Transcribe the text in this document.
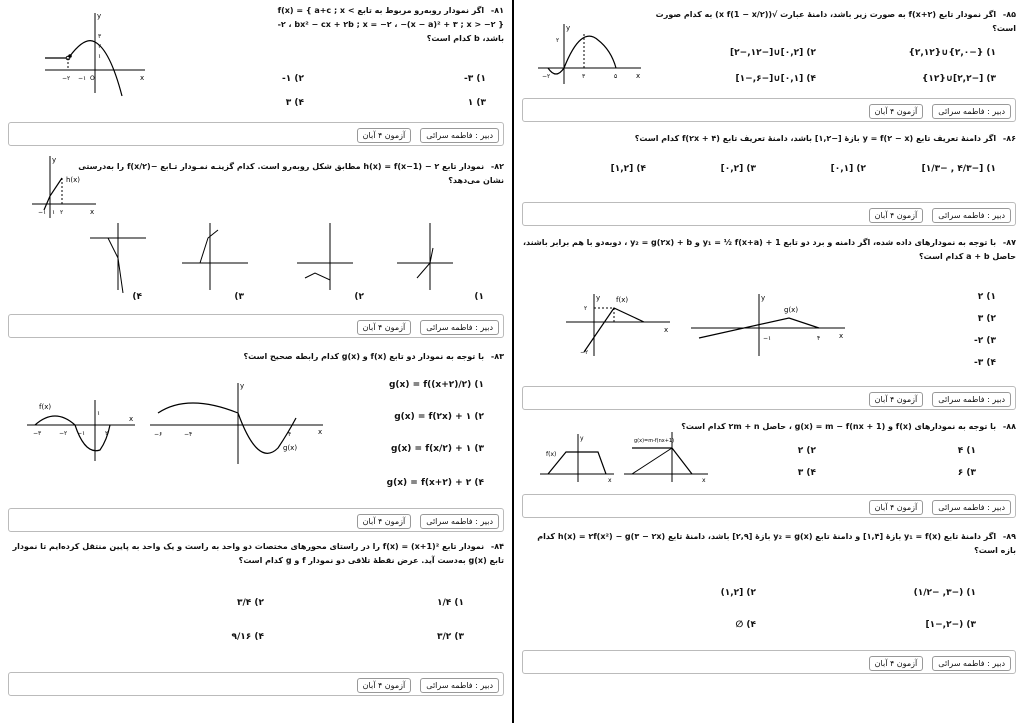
۸۱- اگر نمودار روبه‌رو مربوط به تابع f(x) = { a+c ; x < -۲ ، bx² − cx + ۲b ; x = −۲ ، −(x − a)² + ۳ ; x > −۲ } باشد، b کدام است؟
۱) ۳-
۲) ۱-
۳) ۱
۴) ۳
y
x
۳
۲
۱
−۲ −۱ O
دبیر : فاطمه سرائی آزمون ۴ آبان
۸۲- نمودار تابع h(x) = f(x−1) − ۲ مطابق شکل روبه‌رو است. کدام گزینـه نمـودار تـابع −f(x/۲) را به‌درستی نشان می‌دهد؟
۱)
۲)
۳)
۴)
y
h(x)
x
۱
−۱ ۲
دبیر : فاطمه سرائی آزمون ۴ آبان
۸۳- با توجه به نمودار دو تابع f(x) و g(x) کدام رابطه صحیح است؟
۱) g(x) = f((x+۲)/۲)
۲) g(x) = f(۲x) + ۱
۳) g(x) = f(x/۲) + ۱
۴) g(x) = f(x+۲) + ۲
f(x)
x
−۳	−۲ −۱	۲
۱
y
x
g(x)
−۶	−۴	۴
دبیر : فاطمه سرائی آزمون ۴ آبان
۸۴- نمودار تابع f(x) = (x+1)² را در راستای محورهای مختصات دو واحد به راست و یک واحد به پایین منتقل کرده‌ایم تا نمودار تابع g(x) به‌دست آید. عرض نقطهٔ تلاقی دو نمودار f و g کدام است؟
۱) ۱/۴
۲) ۳/۴
۳) ۳/۲
۴) ۹/۱۶
دبیر : فاطمه سرائی آزمون ۴ آبان
۸۵- اگر نمودار تابع f(x+۲) به صورت زیر باشد، دامنهٔ عبارت √(x f(1 − x/۲)) به کدام صورت است؟
۱) {−۲,۰}∪{۲,۱۲}
۲) [۰,۲]∪[−۱۲,−۲]
۳) [−۲,۲]∪{۱۲}
۴) [۰,۱]∪[−۶,−۱]
y
x
۲
−۲	۳	۵
دبیر : فاطمه سرائی آزمون ۴ آبان
۸۶- اگر دامنهٔ تعریف تابع y = f(۲ − x) بازهٔ [−۱,۲] باشد، دامنهٔ تعریف تابع f(۲x + ۴) کدام است؟
۱) [−۴/۳ , −۱/۳]
۲) [۰,۱]
۳) [۰,۲]
۴) [۱,۲]
دبیر : فاطمه سرائی آزمون ۴ آبان
۸۷- با توجه به نمودارهای داده شده، اگر دامنه و برد دو تابع y₁ = ½ f(x+a) + 1 و y₂ = g(۲x) + b ، دوبه‌دو با هم برابر باشند، حاصل a + b کدام است؟
۱) ۲
۲) ۳
۳) ۲-
۴) ۳-
y f(x)
x
۲
−۲
y
g(x)
x
−۱	۴
دبیر : فاطمه سرائی آزمون ۴ آبان
۸۸- با توجه به نمودارهای f(x) و g(x) = m − f(nx + 1) ، حاصل ۲m + n کدام است؟
۱) ۴
۲) ۲
۳) ۶
۴) ۳
f(x)
y
x
g(x)=m-f(nx+1)
x
دبیر : فاطمه سرائی آزمون ۴ آبان
۸۹- اگر دامنهٔ تابع y₁ = f(x) بازهٔ [۱,۴] و دامنهٔ تابع y₂ = g(x) بازهٔ [۲,۹] باشد، دامنهٔ تابع h(x) = ۲f(x²) − g(۳ − ۲x) کدام بازه است؟
۱) (−۳, −۱/۲)
۲) [۱,۲)
۳) (−۲,−۱]
۴) ∅
دبیر : فاطمه سرائی آزمون ۴ آبان
